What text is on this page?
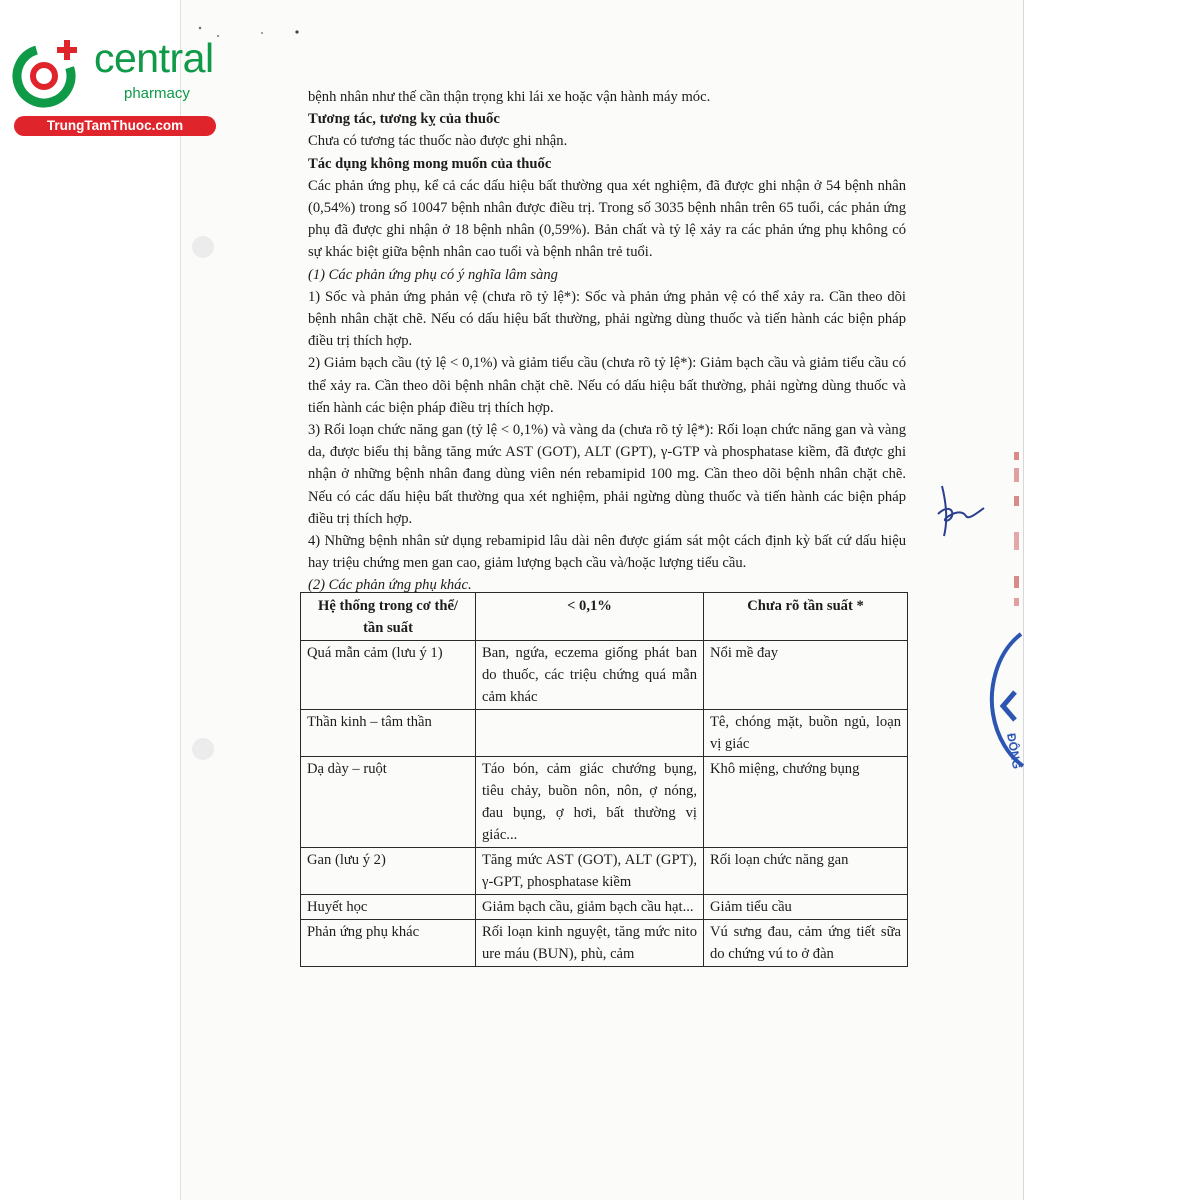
central
pharmacy
TrungTamThuoc.com

bệnh nhân như thế cần thận trọng khi lái xe hoặc vận hành máy móc.

Tương tác, tương kỵ của thuốc

Chưa có tương tác thuốc nào được ghi nhận.

Tác dụng không mong muốn của thuốc

Các phản ứng phụ, kể cả các dấu hiệu bất thường qua xét nghiệm, đã được ghi nhận ở 54 bệnh nhân (0,54%) trong số 10047 bệnh nhân được điều trị. Trong số 3035 bệnh nhân trên 65 tuổi, các phản ứng phụ đã được ghi nhận ở 18 bệnh nhân (0,59%). Bản chất và tỷ lệ xảy ra các phản ứng phụ không có sự khác biệt giữa bệnh nhân cao tuổi và bệnh nhân trẻ tuổi.

(1) Các phản ứng phụ có ý nghĩa lâm sàng

1) Sốc và phản ứng phản vệ (chưa rõ tỷ lệ*): Sốc và phản ứng phản vệ có thể xảy ra. Cần theo dõi bệnh nhân chặt chẽ. Nếu có dấu hiệu bất thường, phải ngừng dùng thuốc và tiến hành các biện pháp điều trị thích hợp.

2) Giảm bạch cầu (tỷ lệ < 0,1%) và giảm tiểu cầu (chưa rõ tỷ lệ*): Giảm bạch cầu và giảm tiểu cầu có thể xảy ra. Cần theo dõi bệnh nhân chặt chẽ. Nếu có dấu hiệu bất thường, phải ngừng dùng thuốc và tiến hành các biện pháp điều trị thích hợp.

3) Rối loạn chức năng gan (tỷ lệ < 0,1%) và vàng da (chưa rõ tỷ lệ*): Rối loạn chức năng gan và vàng da, được biểu thị bằng tăng mức AST (GOT), ALT (GPT), γ-GTP và phosphatase kiềm, đã được ghi nhận ở những bệnh nhân đang dùng viên nén rebamipid 100 mg. Cần theo dõi bệnh nhân chặt chẽ. Nếu có các dấu hiệu bất thường qua xét nghiệm, phải ngừng dùng thuốc và tiến hành các biện pháp điều trị thích hợp.

4) Những bệnh nhân sử dụng rebamipid lâu dài nên được giám sát một cách định kỳ bất cứ dấu hiệu hay triệu chứng men gan cao, giảm lượng bạch cầu và/hoặc lượng tiểu cầu.

(2) Các phản ứng phụ khác.

Hệ thống trong cơ thể/ tần suất	< 0,1%	Chưa rõ tần suất *
Quá mẫn cảm (lưu ý 1)	Ban, ngứa, eczema giống phát ban do thuốc, các triệu chứng quá mẫn cảm khác	Nổi mề đay
Thần kinh – tâm thần		Tê, chóng mặt, buồn ngủ, loạn vị giác
Dạ dày – ruột	Táo bón, cảm giác chướng bụng, tiêu chảy, buồn nôn, nôn, ợ nóng, đau bụng, ợ hơi, bất thường vị giác...	Khô miệng, chướng bụng
Gan (lưu ý 2)	Tăng mức AST (GOT), ALT (GPT), γ-GPT, phosphatase kiềm	Rối loạn chức năng gan
Huyết học	Giảm bạch cầu, giảm bạch cầu hạt...	Giảm tiểu cầu
Phản ứng phụ khác	Rối loạn kinh nguyệt, tăng mức nito ure máu (BUN), phù, cảm	Vú sưng đau, cảm ứng tiết sữa do chứng vú to ở đàn
ĐÔNG
